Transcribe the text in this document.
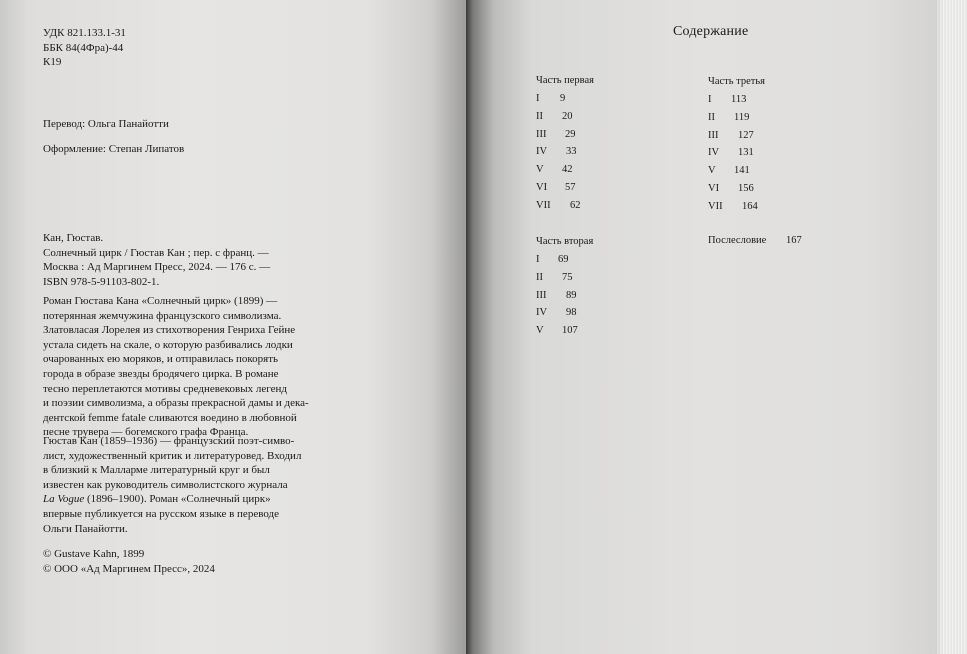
УДК 821.133.1-31
ББК 84(4Фра)-44
К19
Перевод: Ольга Панайотти
Оформление: Степан Липатов
Кан, Гюстав.
Солнечный цирк / Гюстав Кан ; пер. с франц. —
Москва : Ад Маргинем Пресс, 2024. — 176 с. —
ISBN 978-5-91103-802-1.
Роман Гюстава Кана «Солнечный цирк» (1899) —
потерянная жемчужина французского символизма.
Златовласая Лорелея из стихотворения Генриха Гейне
устала сидеть на скале, о которую разбивались лодки
очарованных ею моряков, и отправилась покорять
города в образе звезды бродячего цирка. В романе
тесно переплетаются мотивы средневековых легенд
и поэзии символизма, а образы прекрасной дамы и дека-
дентской femme fatale сливаются воедино в любовной
песне трувера — богемского графа Франца.
Гюстав Кан (1859–1936) — французский поэт-симво-
лист, художественный критик и литературовед. Входил
в близкий к Малларме литературный круг и был
известен как руководитель символистского журнала
La Vogue (1896–1900). Роман «Солнечный цирк»
впервые публикуется на русском языке в переводе
Ольги Панайотти.
© Gustave Kahn, 1899
© ООО «Ад Маргинем Пресс», 2024
Содержание
Часть первая
I 9
II 20
III 29
IV 33
V 42
VI 57
VII 62
Часть вторая
I 69
II 75
III 89
IV 98
V 107
Часть третья
I 113
II 119
III 127
IV 131
V 141
VI 156
VII 164
Послесловие 167
